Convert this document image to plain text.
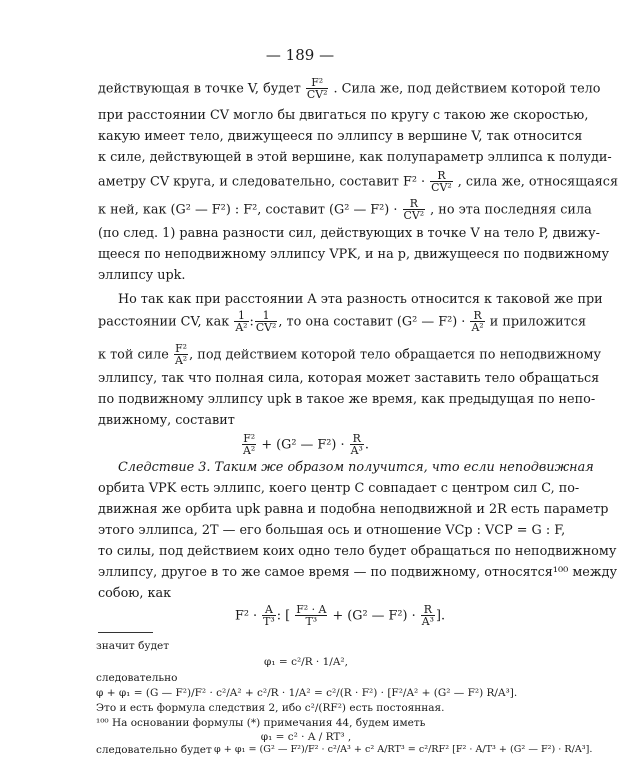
— 189 —
действующая в точке V, будет $\frac{\text{F²}}{\text{CV²}}$ . Сила же, под действием которой тело
при расстоянии CV могло бы двигаться по кругу с такою же скоростью,
какую имеет тело, движущееся по эллипсу в вершине V, так относится
к силе, действующей в этой вершине, как полупараметр эллипса к полуди-
аметру CV круга, и следовательно, составит $F^2 \cdot \frac{R}{\text{CV²}}$ , сила же, относящаяся
к ней, как (G² — F²) : F², составит (G² — $F^2) \cdot \frac{R}{\text{CV²}}$ , но эта последняя сила
(по след. 1) равна разности сил, действующих в точке V на тело P, движу-
щееся по неподвижному эллипсу VPK, и на p, движущееся по подвижному
эллипсу upk.
Но так как при расстоянии A эта разность относится к таковой же при
расстоянии CV, как $\frac{1}{\text{A²}}$ : $\frac{1}{\text{CV²}}$ , то она составит (G² — $F^2) \cdot \frac{R}{\text{A²}}$ и приложится
к той силе $\frac{\text{F²}}{\text{A²}}$ , под действием которой тело обращается по неподвижному
эллипсу, так что полная сила, которая может заставить тело обращаться
по подвижному эллипсу upk в такое же время, как предыдущая по непо-
движному, составит
$\frac{\text{F²}}{\text{A²}} + (G^2$ — $F^2) \cdot \frac{R}{\text{A³}}$ .
Следствие 3. Таким же образом получится, что если неподвижная
орбита VPK есть эллипс, коего центр C совпадает с центром сил C, по-
движная же орбита upk равна и подобна неподвижной и 2R есть параметр
этого эллипса, 2T — его большая ось и отношение VCp : VCP = G : F,
то силы, под действием коих одно тело будет обращаться по неподвижному
эллипсу, другое в то же самое время — по подвижному, относятся¹⁰⁰ между
собою, как
$F^2 \cdot \frac{A}{\text{T³}}$ : [ $\frac{\text{F² · A}}{\text{T³}} + (G^2$ — $F^2) \cdot \frac{R}{\text{A³}}$ ].
значит будет
φ₁ = c²/R · 1/A²,
следовательно
φ + φ₁ = (G — F²)/F² · c²/A² + c²/R · 1/A² = c²/(R · F²) · [F²/A² + (G² — F²) R/A³].
Это и есть формула следствия 2, ибо c²/(RF²) есть постоянная.
¹⁰⁰ На основании формулы (*) примечания 44, будем иметь
φ₁ = c² · A / RT³ ,
следовательно будет φ + φ₁ = (G² — F²)/F² · c²/A³ + c² A/RT³ = c²/RF² [F² · A/T³ + (G² — F²) · R/A³].
